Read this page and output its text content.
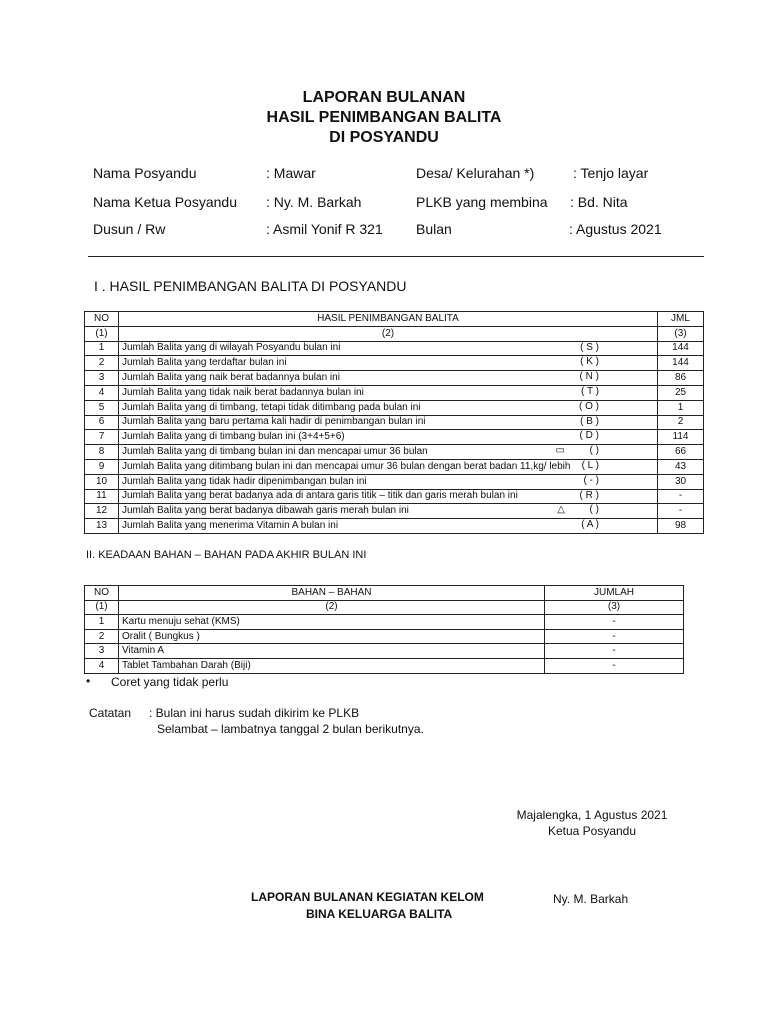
LAPORAN BULANAN
HASIL PENIMBANGAN BALITA
DI POSYANDU
Nama Posyandu	: Mawar	Desa/ Kelurahan *)	: Tenjo layar
Nama Ketua Posyandu : Ny. M. Barkah	PLKB yang membina : Bd. Nita
Dusun / Rw	: Asmil Yonif R 321 Bulan	: Agustus 2021
I . HASIL PENIMBANGAN BALITA DI POSYANDU
NO	HASIL PENIMBANGAN BALITA	JML
(1)	(2)	(3)
1	Jumlah Balita yang di wilayah Posyandu bulan ini ( S )	144
2	Jumlah Balita yang terdaftar bulan ini ( K )	144
3	Jumlah Balita yang naik berat badannya bulan ini ( N )	86
4	Jumlah Balita yang tidak naik berat badannya bulan ini ( T )	25
5	Jumlah Balita yang di timbang, tetapi tidak ditimbang pada bulan ini ( O )	1
6	Jumlah Balita yang baru pertama kali hadir di penimbangan bulan ini ( B )	2
7	Jumlah Balita yang di timbang bulan ini (3+4+5+6) ( D )	114
8	Jumlah Balita yang di timbang bulan ini dan mencapai umur 36 bulan ▭ ( )	66
9	Jumlah Balita yang ditimbang bulan ini dan mencapai umur 36 bulan dengan berat badan 11,kg/ lebih ( L )	43
10	Jumlah Balita yang tidak hadir dipenimbangan bulan ini ( - )	30
11	Jumlah Balita yang berat badanya ada di antara garis titik – titik dan garis merah bulan ini ( R )	-
12	Jumlah Balita yang berat badanya dibawah garis merah bulan ini △ ( )	-
13	Jumlah Balita yang menerima Vitamin A bulan ini ( A )	98
II. KEADAAN BAHAN – BAHAN PADA AKHIR BULAN INI
NO	BAHAN – BAHAN	JUMLAH
(1)	(2)	(3)
1	Kartu menuju sehat (KMS)	-
2	Oralit ( Bungkus )	-
3	Vitamin A	-
4	Tablet Tambahan Darah (Biji)	-
• Coret yang tidak perlu
Catatan : Bulan ini harus sudah dikirim ke PLKB
Selambat – lambatnya tanggal 2 bulan berikutnya.
Majalengka, 1 Agustus 2021
Ketua Posyandu
Ny. M. Barkah
LAPORAN BULANAN KEGIATAN KELOM
BINA KELUARGA BALITA
